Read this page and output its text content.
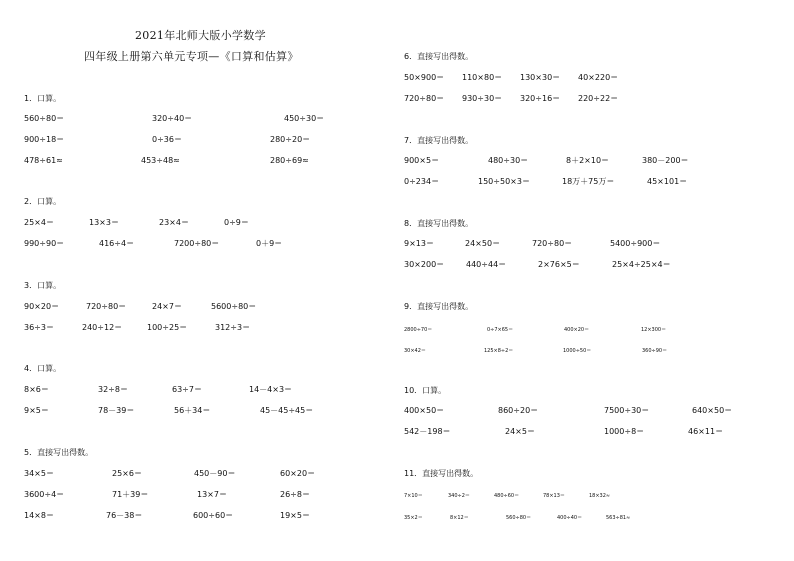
2021年北师大版小学数学
四年级上册第六单元专项—《口算和估算》
1．口算。
560÷80＝	320÷40＝	450÷30＝
900÷18＝	0÷36＝	280÷20＝
478÷61≈	453÷48≈	280÷69≈
2．口算。
25×4＝	13×3＝	23×4＝	0÷9＝
990÷90＝	416÷4＝	7200÷80＝	0＋9＝
3．口算。
90×20＝	720÷80＝	24×7＝	5600÷80＝
36÷3＝	240÷12＝	100÷25＝	312÷3＝
4．口算。
8×6＝	32÷8＝	63÷7＝	14－4×3＝
9×5＝	78－39＝	56＋34＝	45－45÷45＝
5．直接写出得数。
34×5＝	25×6＝	450－90＝	60×20＝
3600÷4＝	71＋39＝	13×7＝	26÷8＝
14×8＝	76－38＝	600÷60＝	19×5＝
6．直接写出得数。
50×900＝ 110×80＝ 130×30＝ 40×220＝
720÷80＝ 930÷30＝ 320÷16＝ 220÷22＝
7．直接写出得数。
900×5＝	480÷30＝	8＋2×10＝	380－200＝
0÷234＝	150÷50×3＝	18万＋75万＝	45×101＝
8．直接写出得数。
9×13＝	24×50＝	720÷80＝	5400÷900＝
30×200＝	440÷44＝	2×76×5＝	25×4÷25×4＝
9．直接写出得数。
2800÷70＝	0÷7×65＝	400×20＝	12×300＝
30×42＝	125×8÷2＝	1000÷50＝	360÷90＝
10．口算。
400×50＝	860÷20＝	7500÷30＝	640×50＝
542－198＝	24×5＝	1000÷8＝	46×11＝
11．直接写出得数。
7×10＝	340÷2＝	480÷60＝	78×13＝	18×32≈
35×2＝	8×12＝	560÷80＝	400÷40＝	563÷81≈
